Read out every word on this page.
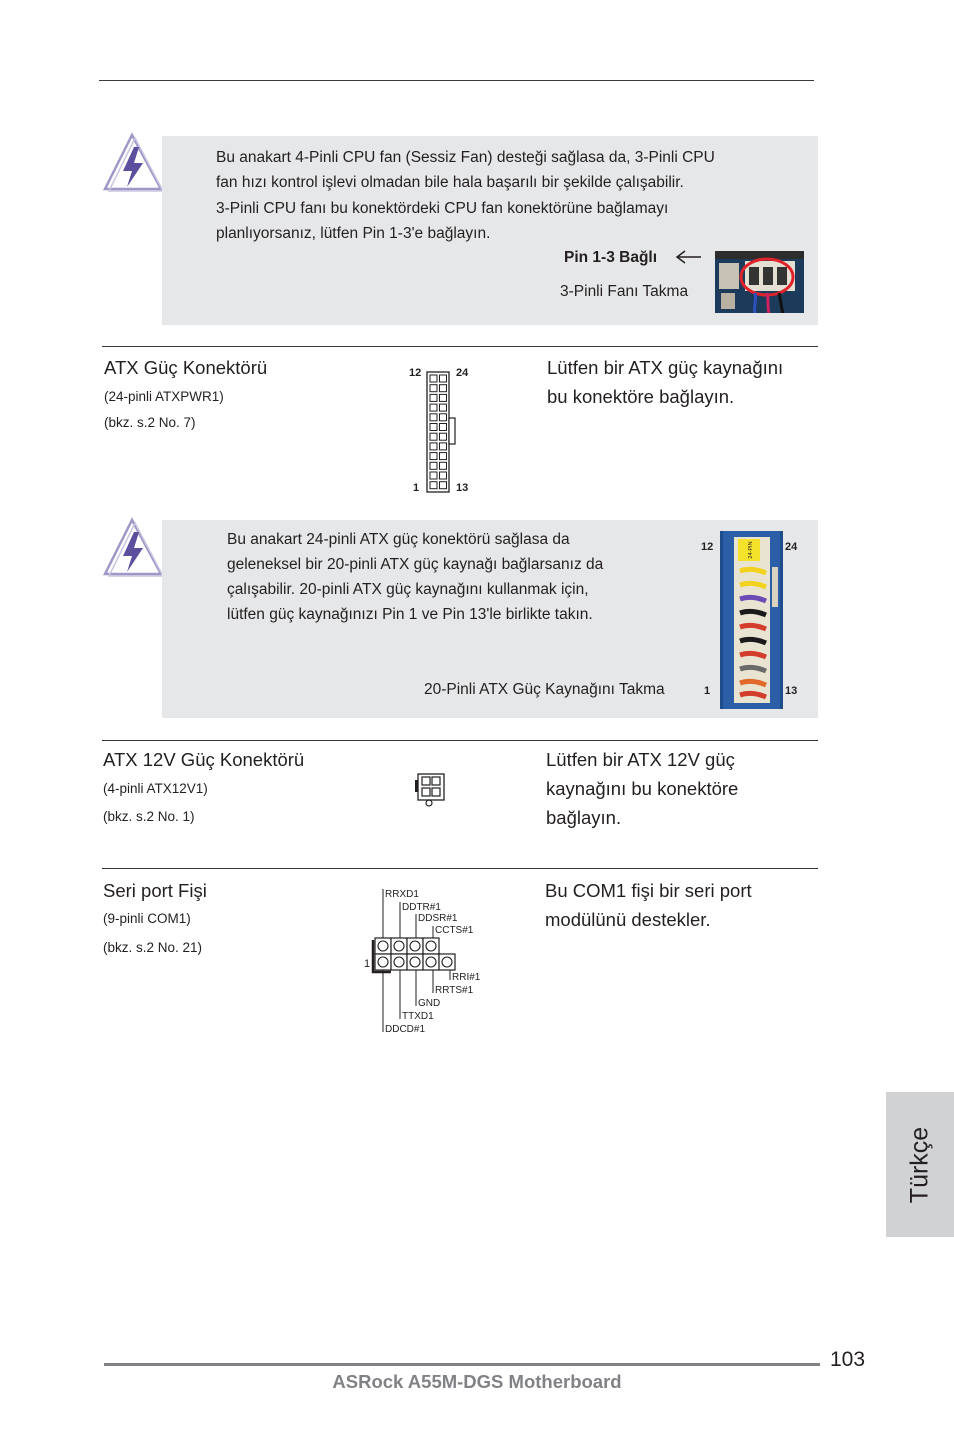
Bu anakart 4-Pinli CPU fan (Sessiz Fan) desteği sağlasa da, 3-Pinli CPU
fan hızı kontrol işlevi olmadan bile hala başarılı bir şekilde çalışabilir.
3-Pinli CPU fanı bu konektördeki CPU fan konektörüne bağlamayı
planlıyorsanız, lütfen Pin 1-3'e bağlayın.
Pin 1-3 Bağlı
3-Pinli Fanı Takma
ATX Güç Konektörü
(24-pinli ATXPWR1)
(bkz. s.2 No. 7)
Lütfen bir ATX güç kaynağını
bu konektöre bağlayın.
12	24
1	13
Bu anakart 24-pinli ATX güç konektörü sağlasa da
geleneksel bir 20-pinli ATX güç kaynağı bağlarsanız da
çalışabilir. 20-pinli ATX güç kaynağını kullanmak için,
lütfen güç kaynağınızı Pin 1 ve Pin 13'le birlikte takın.
20-Pinli ATX Güç Kaynağını Takma
12	24
1	13
24-PIN
ATX 12V Güç Konektörü
(4-pinli ATX12V1)
(bkz. s.2 No. 1)
Lütfen bir ATX 12V güç
kaynağını bu konektöre
bağlayın.
Seri port Fişi
(9-pinli COM1)
(bkz. s.2 No. 21)
Bu COM1 fişi bir seri port
modülünü destekler.
1
RRXD1
DDTR#1
DDSR#1
CCTS#1
RRI#1
RRTS#1
GND
TTXD1
DDCD#1
Türkçe
103
ASRock A55M-DGS Motherboard
